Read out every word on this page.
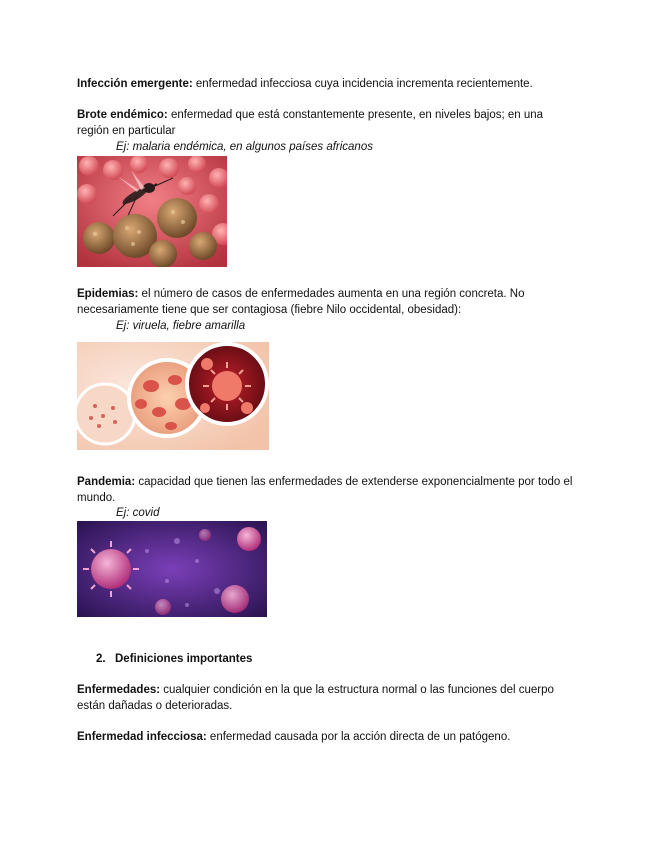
Infección emergente: enfermedad infecciosa cuya incidencia incrementa recientemente.
Brote endémico: enfermedad que está constantemente presente, en niveles bajos; en una región en particular
Ej: malaria endémica, en algunos países africanos
Epidemias: el número de casos de enfermedades aumenta en una región concreta. No necesariamente tiene que ser contagiosa (fiebre Nilo occidental, obesidad):
Ej: viruela, fiebre amarilla
Pandemia: capacidad que tienen las enfermedades de extenderse exponencialmente por todo el mundo.
Ej: covid
2. Definiciones importantes
Enfermedades: cualquier condición en la que la estructura normal o las funciones del cuerpo están dañadas o deterioradas.
Enfermedad infecciosa: enfermedad causada por la acción directa de un patógeno.
